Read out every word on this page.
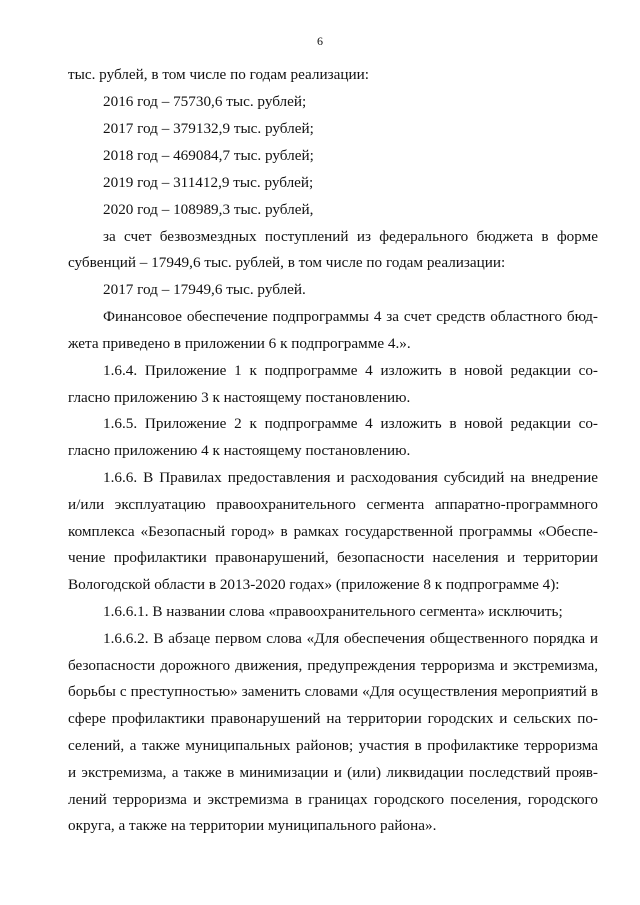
6
тыс. рублей, в том числе по годам реализации:
2016 год – 75730,6 тыс. рублей;
2017 год – 379132,9 тыс. рублей;
2018 год – 469084,7 тыс. рублей;
2019 год – 311412,9 тыс. рублей;
2020 год – 108989,3 тыс. рублей,
за счет безвозмездных поступлений из федерального бюджета в форме
субвенций – 17949,6 тыс. рублей, в том числе по годам реализации:
2017 год – 17949,6 тыс. рублей.
Финансовое обеспечение подпрограммы 4 за счет средств областного бюд-
жета приведено в приложении 6 к подпрограмме 4.».
1.6.4. Приложение 1 к подпрограмме 4 изложить в новой редакции со-
гласно приложению 3 к настоящему постановлению.
1.6.5. Приложение 2 к подпрограмме 4 изложить в новой редакции со-
гласно приложению 4 к настоящему постановлению.
1.6.6. В Правилах предоставления и расходования субсидий на внедрение
и/или эксплуатацию правоохранительного сегмента аппаратно-программного
комплекса «Безопасный город» в рамках государственной программы «Обеспе-
чение профилактики правонарушений, безопасности населения и территории
Вологодской области в 2013-2020 годах» (приложение 8 к подпрограмме 4):
1.6.6.1. В названии слова «правоохранительного сегмента» исключить;
1.6.6.2. В абзаце первом слова «Для обеспечения общественного порядка и
безопасности дорожного движения, предупреждения терроризма и экстремизма,
борьбы с преступностью» заменить словами «Для осуществления мероприятий в
сфере профилактики правонарушений на территории городских и сельских по-
селений, а также муниципальных районов; участия в профилактике терроризма
и экстремизма, а также в минимизации и (или) ликвидации последствий прояв-
лений терроризма и экстремизма в границах городского поселения, городского
округа, а также на территории муниципального района».
